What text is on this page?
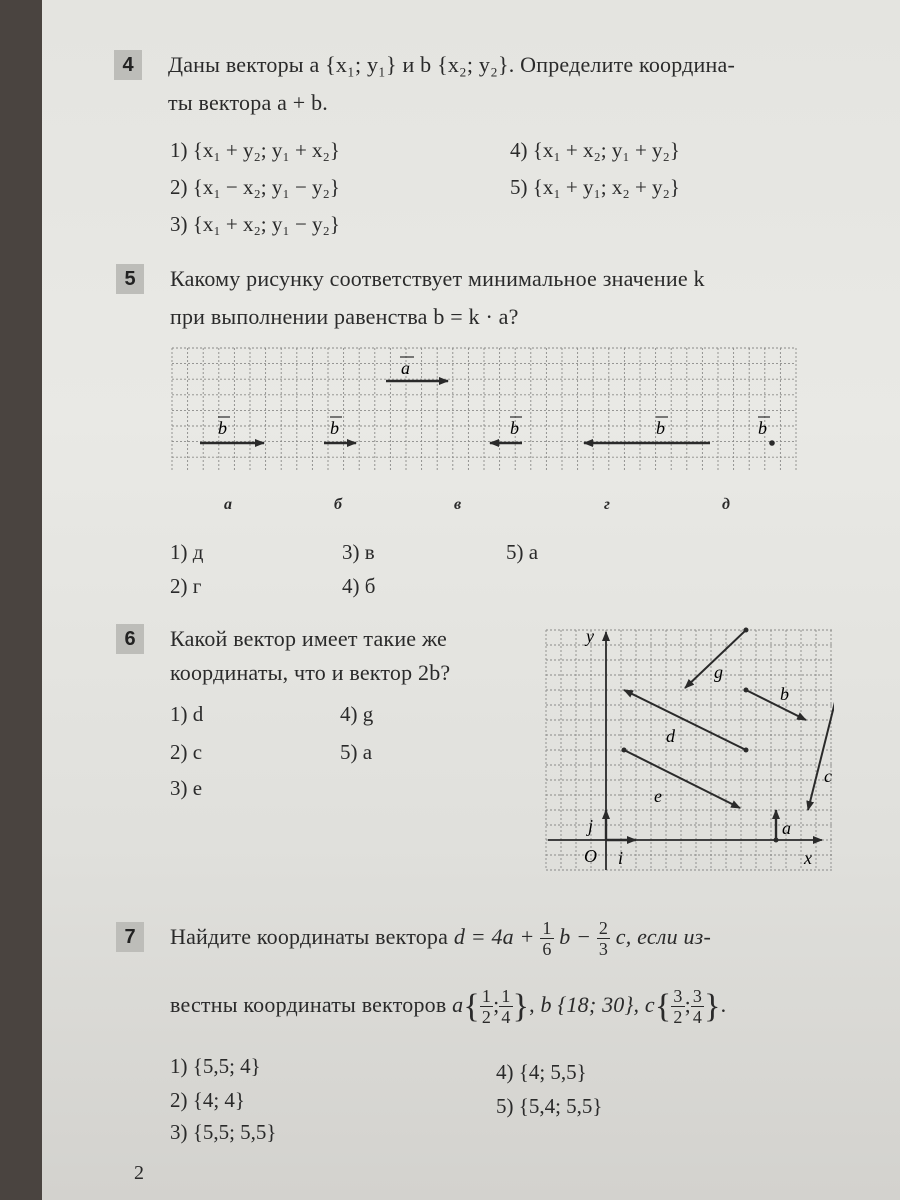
4	Даны векторы a {x₁; y₁} и b {x₂; y₂}. Определите координа-
ты вектора a + b.
1) {x₁ + y₂; y₁ + x₂}
2) {x₁ − x₂; y₁ − y₂}
3) {x₁ + x₂; y₁ − y₂}
4) {x₁ + x₂; y₁ + y₂}
5) {x₁ + y₁; x₂ + y₂}
5	Какому рисунку соответствует минимальное значение k
при выполнении равенства b = k · a?
a
b	b	b	b	b
а	б	в	г	д
1) д
2) г
3) в
4) б
5) а
6	Какой вектор имеет такие же
координаты, что и вектор 2b?
1) d
2) c
3) e
4) g
5) a
y
x
O
j
i
g
b
d
c
e
a
7	Найдите координаты вектора $d = 4a + \frac{1}{6}$ $b - \frac{2}{3} c$, если из-
вестны координаты векторов $a\{ \frac{1}{2}$ ; $\frac{1}{4}$ }, b {18; 30}, $c\{ \frac{3}{2}$ ; $\frac{3}{4}$ }.
1) {5,5; 4}
2) {4; 4}
3) {5,5; 5,5}
4) {4; 5,5}
5) {5,4; 5,5}
2
